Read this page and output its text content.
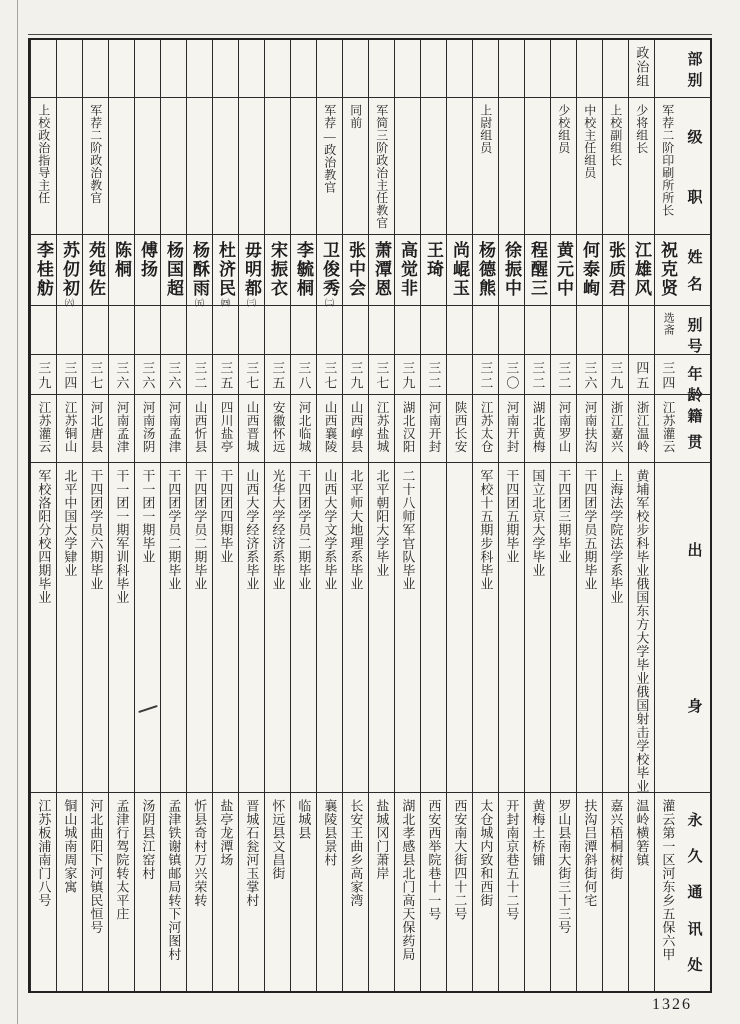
部
别
级
职
姓
名
别
号
年
龄
籍
贯
出
身
永
久
通
讯
处
军荐二阶印刷所所长
祝克贤
选斋
三四
江苏灌云
灌云第一区河东乡五保六甲
政治组
少将组长
江雄风
四五
浙江温岭
黄埔军校步科毕业俄国东方大学毕业俄国射击学校毕业
温岭横箬镇
上校副组长
张质君
三九
浙江嘉兴
上海法学院法学系毕业
嘉兴梧桐树街
中校主任组员
何泰峋
三六
河南扶沟
干四团学员五期毕业
扶沟吕潭斜街何宅
少校组员
黄元中
三二
河南罗山
干四团三期毕业
罗山县南大街三十三号
程醒三
三二
湖北黄梅
国立北京大学毕业
黄梅土桥铺
徐振中
三〇
河南开封
干四团五期毕业
开封南京巷五十二号
上尉组员
杨德熊
三二
江苏太仓
军校十五期步科毕业
太仓城内致和西街
尚崐玉
陕西长安
西安南大街四十二号
王琦
三二
河南开封
西安西举院巷十一号
高觉非
三九
湖北汉阳
二十八师军官队毕业
湖北孝感县北门高天保药局
军简三阶政治主任教官
萧潭恩
三七
江苏盐城
北平朝阳大学毕业
盐城冈门萧岸
同前
张中会
三九
山西崞县
北平师大地理系毕业
长安王曲乡高家湾
军荐—政治教官
卫俊秀㈡
三七
山西襄陵
山西大学文学系毕业
襄陵县景村
李毓桐
三八
河北临城
干四团学员二期毕业
临城县
宋振衣
三五
安徽怀远
光华大学经济系毕业
怀远县文昌街
毋明都㈢
三七
山西晋城
山西大学经济系毕业
晋城石瓮河玉掌村
杜济民㈣
三五
四川盐亭
干四团四期毕业
盐亭龙潭场
杨酥雨㈤
三二
山西忻县
干四团学员二期毕业
忻县奇村万兴荣转
杨国超
三六
河南孟津
干四团学员二期毕业
孟津铁谢镇邮局转下河图村
傅扬
三六
河南汤阴
干一团一期毕业
汤阴县江窑村
陈桐
三六
河南孟津
干一团一期军训科毕业
孟津行驾院转太平庄
军荐二阶政治教官
苑纯佐
三七
河北唐县
干四团学员六期毕业
河北曲阳下河镇民恒号
苏仞初㈥
三四
江苏铜山
北平中国大学肄业
铜山城南周家寓
上校政治指导主任
李桂舫
三九
江苏灌云
军校洛阳分校四期毕业
江苏板浦南门八号
1326
